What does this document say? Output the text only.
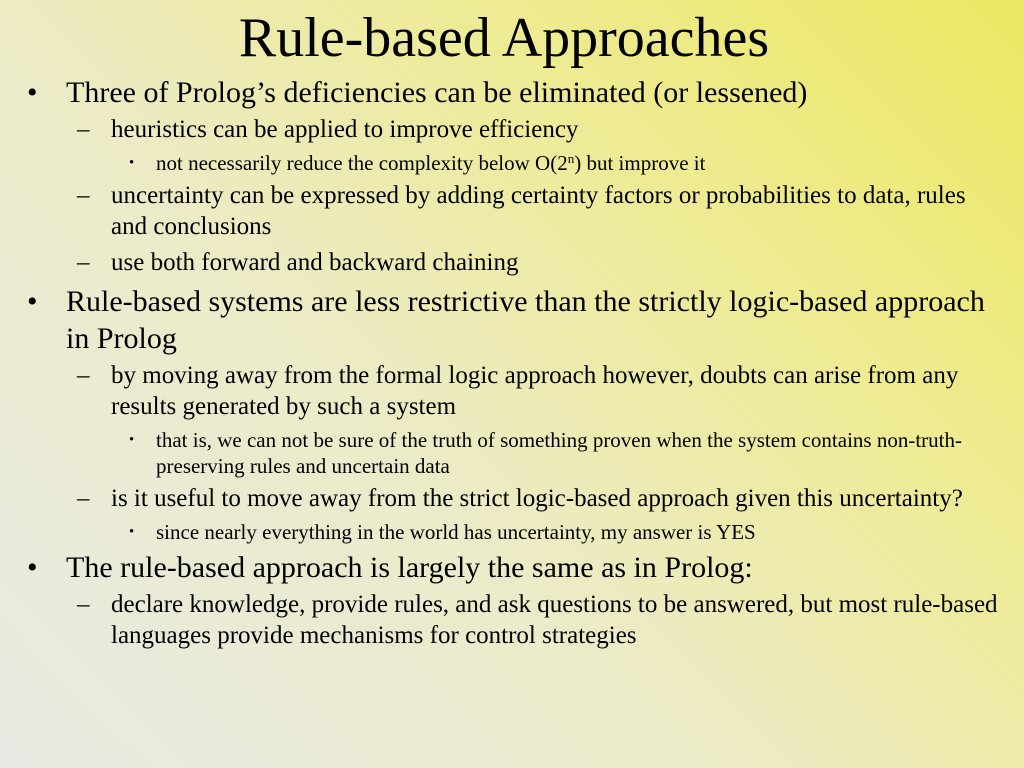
Rule-based Approaches
• Three of Prolog’s deficiencies can be eliminated (or lessened)
– heuristics can be applied to improve efficiency
• not necessarily reduce the complexity below O(2$^n$) but improve it
– uncertainty can be expressed by adding certainty factors or probabilities to data, rules and conclusions
– use both forward and backward chaining
• Rule-based systems are less restrictive than the strictly logic-based approach in Prolog
– by moving away from the formal logic approach however, doubts can arise from any results generated by such a system
• that is, we can not be sure of the truth of something proven when the system contains non-truth-preserving rules and uncertain data
– is it useful to move away from the strict logic-based approach given this uncertainty?
• since nearly everything in the world has uncertainty, my answer is YES
• The rule-based approach is largely the same as in Prolog:
– declare knowledge, provide rules, and ask questions to be answered, but most rule-based languages provide mechanisms for control strategies
